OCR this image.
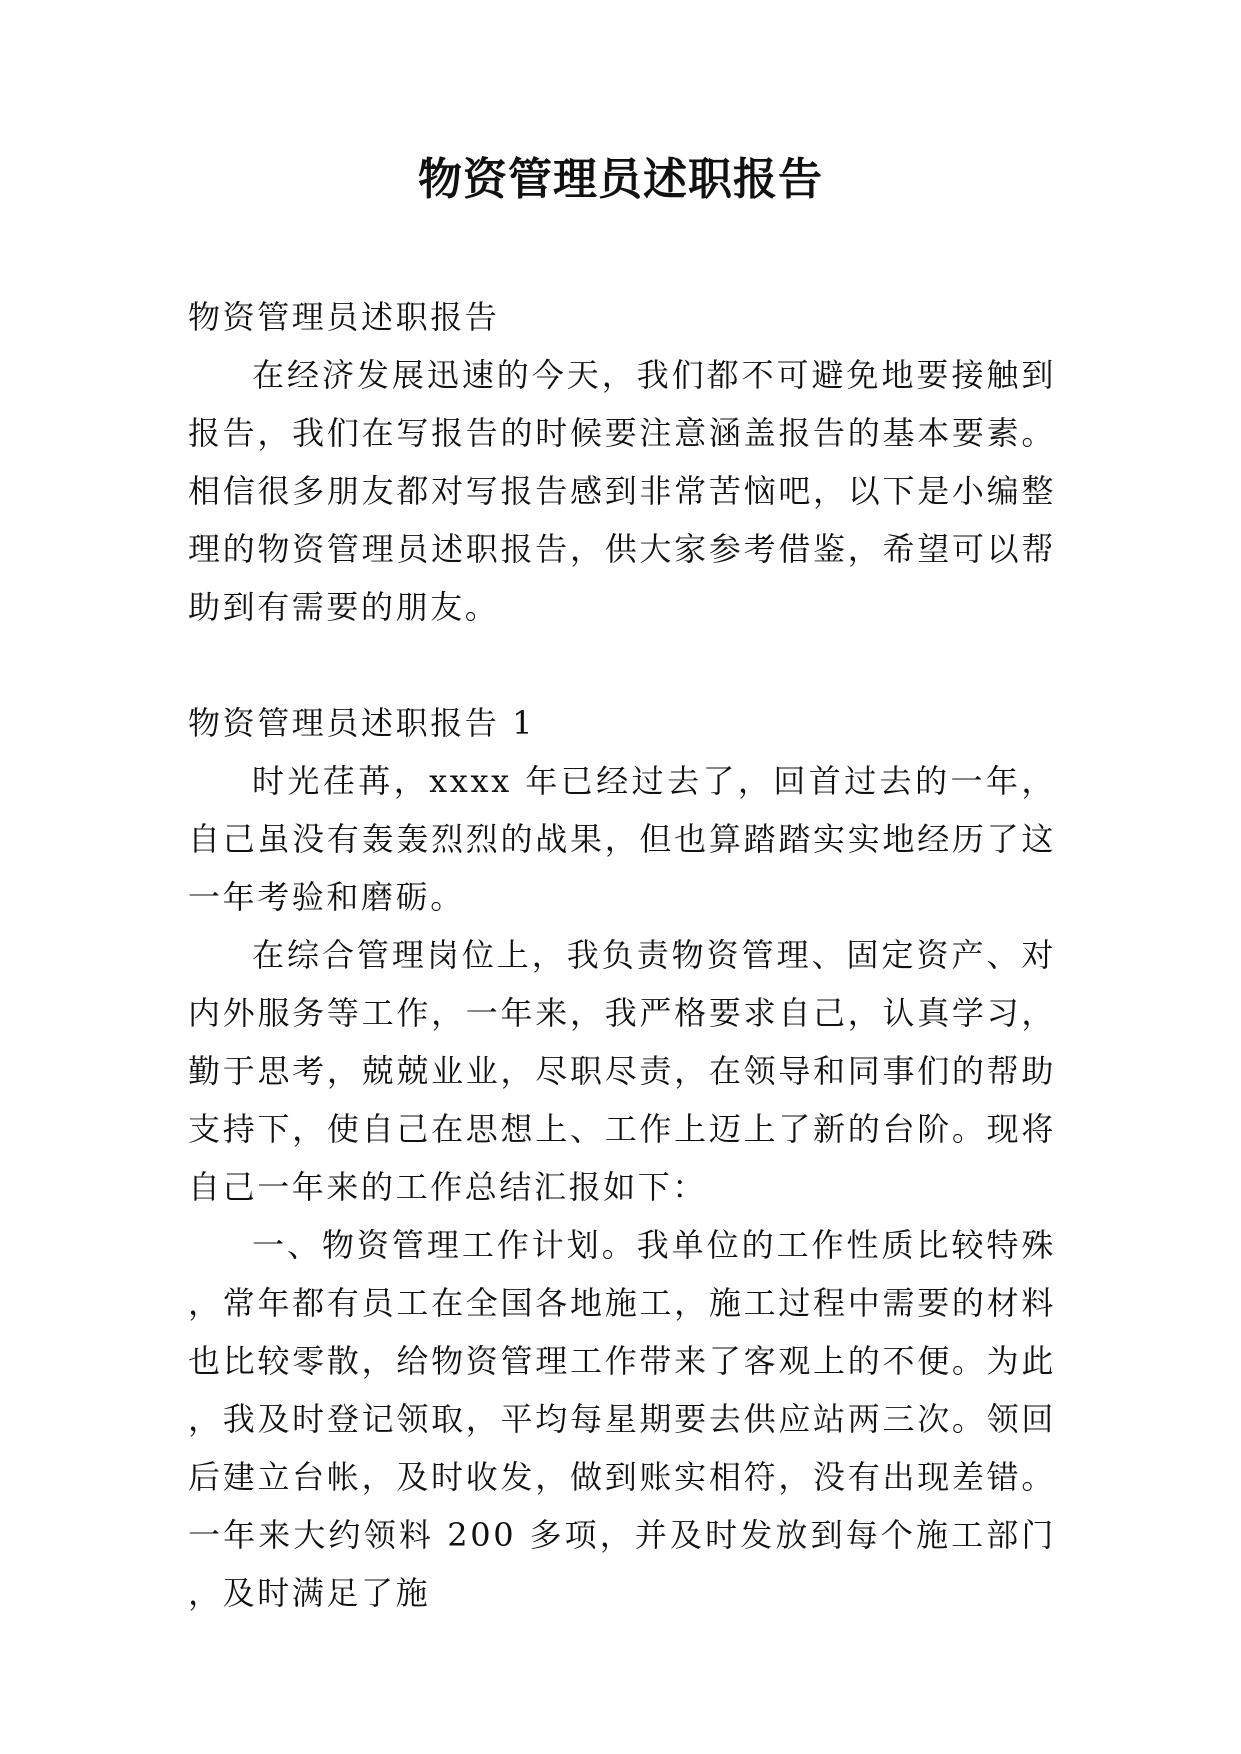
物资管理员述职报告

物资管理员述职报告

在经济发展迅速的今天，我们都不可避免地要接触到报告，我们在写报告的时候要注意涵盖报告的基本要素。相信很多朋友都对写报告感到非常苦恼吧，以下是小编整理的物资管理员述职报告，供大家参考借鉴，希望可以帮助到有需要的朋友。

物资管理员述职报告 1

时光荏苒，xxxx 年已经过去了，回首过去的一年，自己虽没有轰轰烈烈的战果，但也算踏踏实实地经历了这一年考验和磨砺。

在综合管理岗位上，我负责物资管理、固定资产、对内外服务等工作，一年来，我严格要求自己，认真学习，勤于思考，兢兢业业，尽职尽责，在领导和同事们的帮助支持下，使自己在思想上、工作上迈上了新的台阶。现将自己一年来的工作总结汇报如下：

一、物资管理工作计划。我单位的工作性质比较特殊，常年都有员工在全国各地施工，施工过程中需要的材料也比较零散，给物资管理工作带来了客观上的不便。为此，我及时登记领取，平均每星期要去供应站两三次。领回后建立台帐，及时收发，做到账实相符，没有出现差错。一年来大约领料 200 多项，并及时发放到每个施工部门，及时满足了施
